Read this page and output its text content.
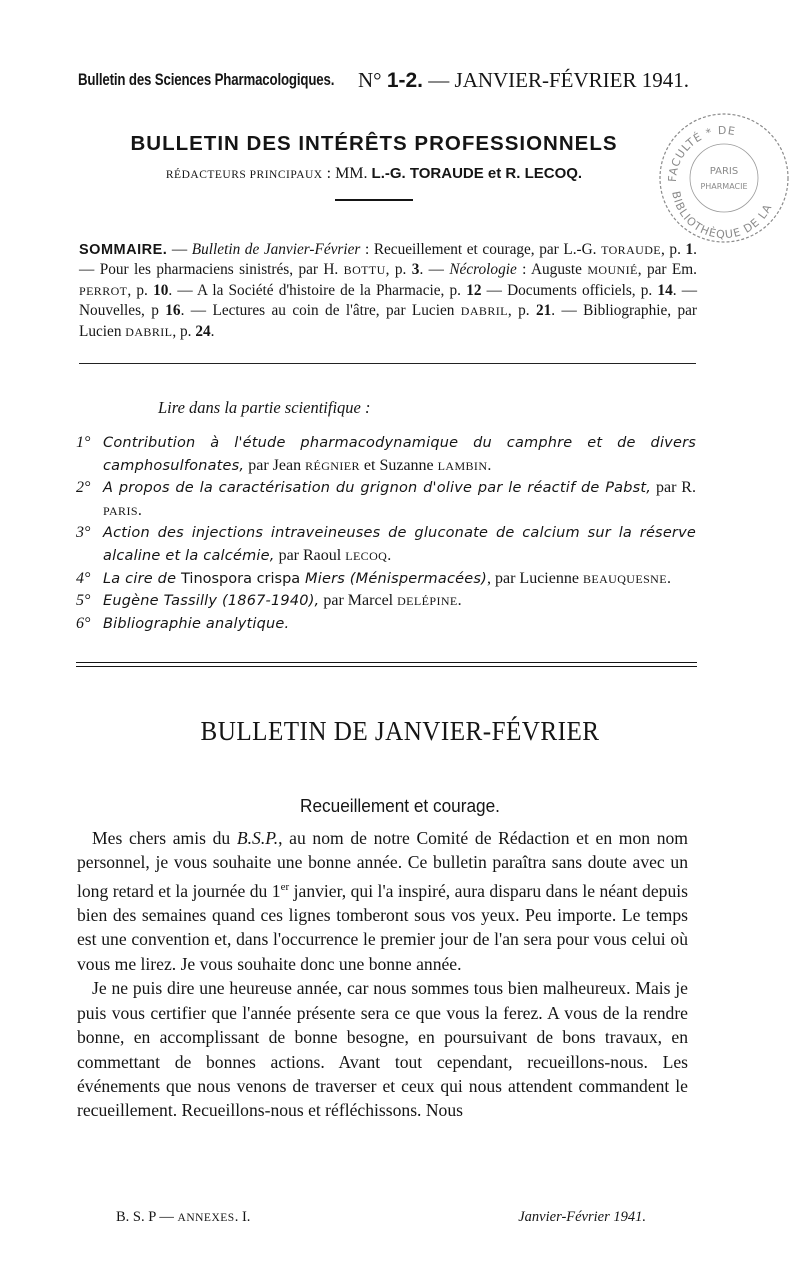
Bulletin des Sciences Pharmacologiques. N° 1-2. — JANVIER-FÉVRIER 1941.
BULLETIN DES INTÉRÊTS PROFESSIONNELS
RÉDACTEURS PRINCIPAUX : MM. L.-G. TORAUDE et R. LECOQ.	FACULTÉ * DE
BIBLIOTHÈQUE DE LA
PARIS
PHARMACIE
SOMMAIRE. — Bulletin de Janvier-Février : Recueillement et courage, par L.-G. TORAUDE, p. 1. — Pour les pharmaciens sinistrés, par H. BOTTU, p. 3. — Nécrologie : Auguste MOUNIÉ, par Em. PERROT, p. 10. — A la Société d'histoire de la Pharmacie, p. 12 — Documents officiels, p. 14. — Nouvelles, p 16. — Lectures au coin de l'âtre, par Lucien DABRIL, p. 21. — Bibliographie, par Lucien DABRIL, p. 24.
Lire dans la partie scientifique :
1° Contribution à l'étude pharmacodynamique du camphre et de divers camphosulfonates, par Jean RÉGNIER et Suzanne LAMBIN.
2° A propos de la caractérisation du grignon d'olive par le réactif de Pabst, par R. PARIS.
3° Action des injections intraveineuses de gluconate de calcium sur la réserve alcaline et la calcémie, par Raoul LECOQ.
4° La cire de Tinospora crispa Miers (Ménispermacées), par Lucienne BEAUQUESNE.
5° Eugène Tassilly (1867-1940), par Marcel DELÉPINE.
6° Bibliographie analytique.
BULLETIN DE JANVIER-FÉVRIER
Recueillement et courage.

Mes chers amis du B.S.P., au nom de notre Comité de Rédaction et en mon nom personnel, je vous souhaite une bonne année. Ce bulletin paraîtra sans doute avec un long retard et la journée du 1er janvier, qui l'a inspiré, aura disparu dans le néant depuis bien des semaines quand ces lignes tomberont sous vos yeux. Peu importe. Le temps est une convention et, dans l'occurrence le premier jour de l'an sera pour vous celui où vous me lirez. Je vous souhaite donc une bonne année.

Je ne puis dire une heureuse année, car nous sommes tous bien malheureux. Mais je puis vous certifier que l'année présente sera ce que vous la ferez. A vous de la rendre bonne, en accomplissant de bonne besogne, en poursuivant de bons travaux, en commettant de bonnes actions. Avant tout cependant, recueillons-nous. Les événements que nous venons de traverser et ceux qui nous attendent commandent le recueillement. Recueillons-nous et réfléchissons. Nous

B. S. P — ANNEXES. I.	Janvier-Février 1941.
